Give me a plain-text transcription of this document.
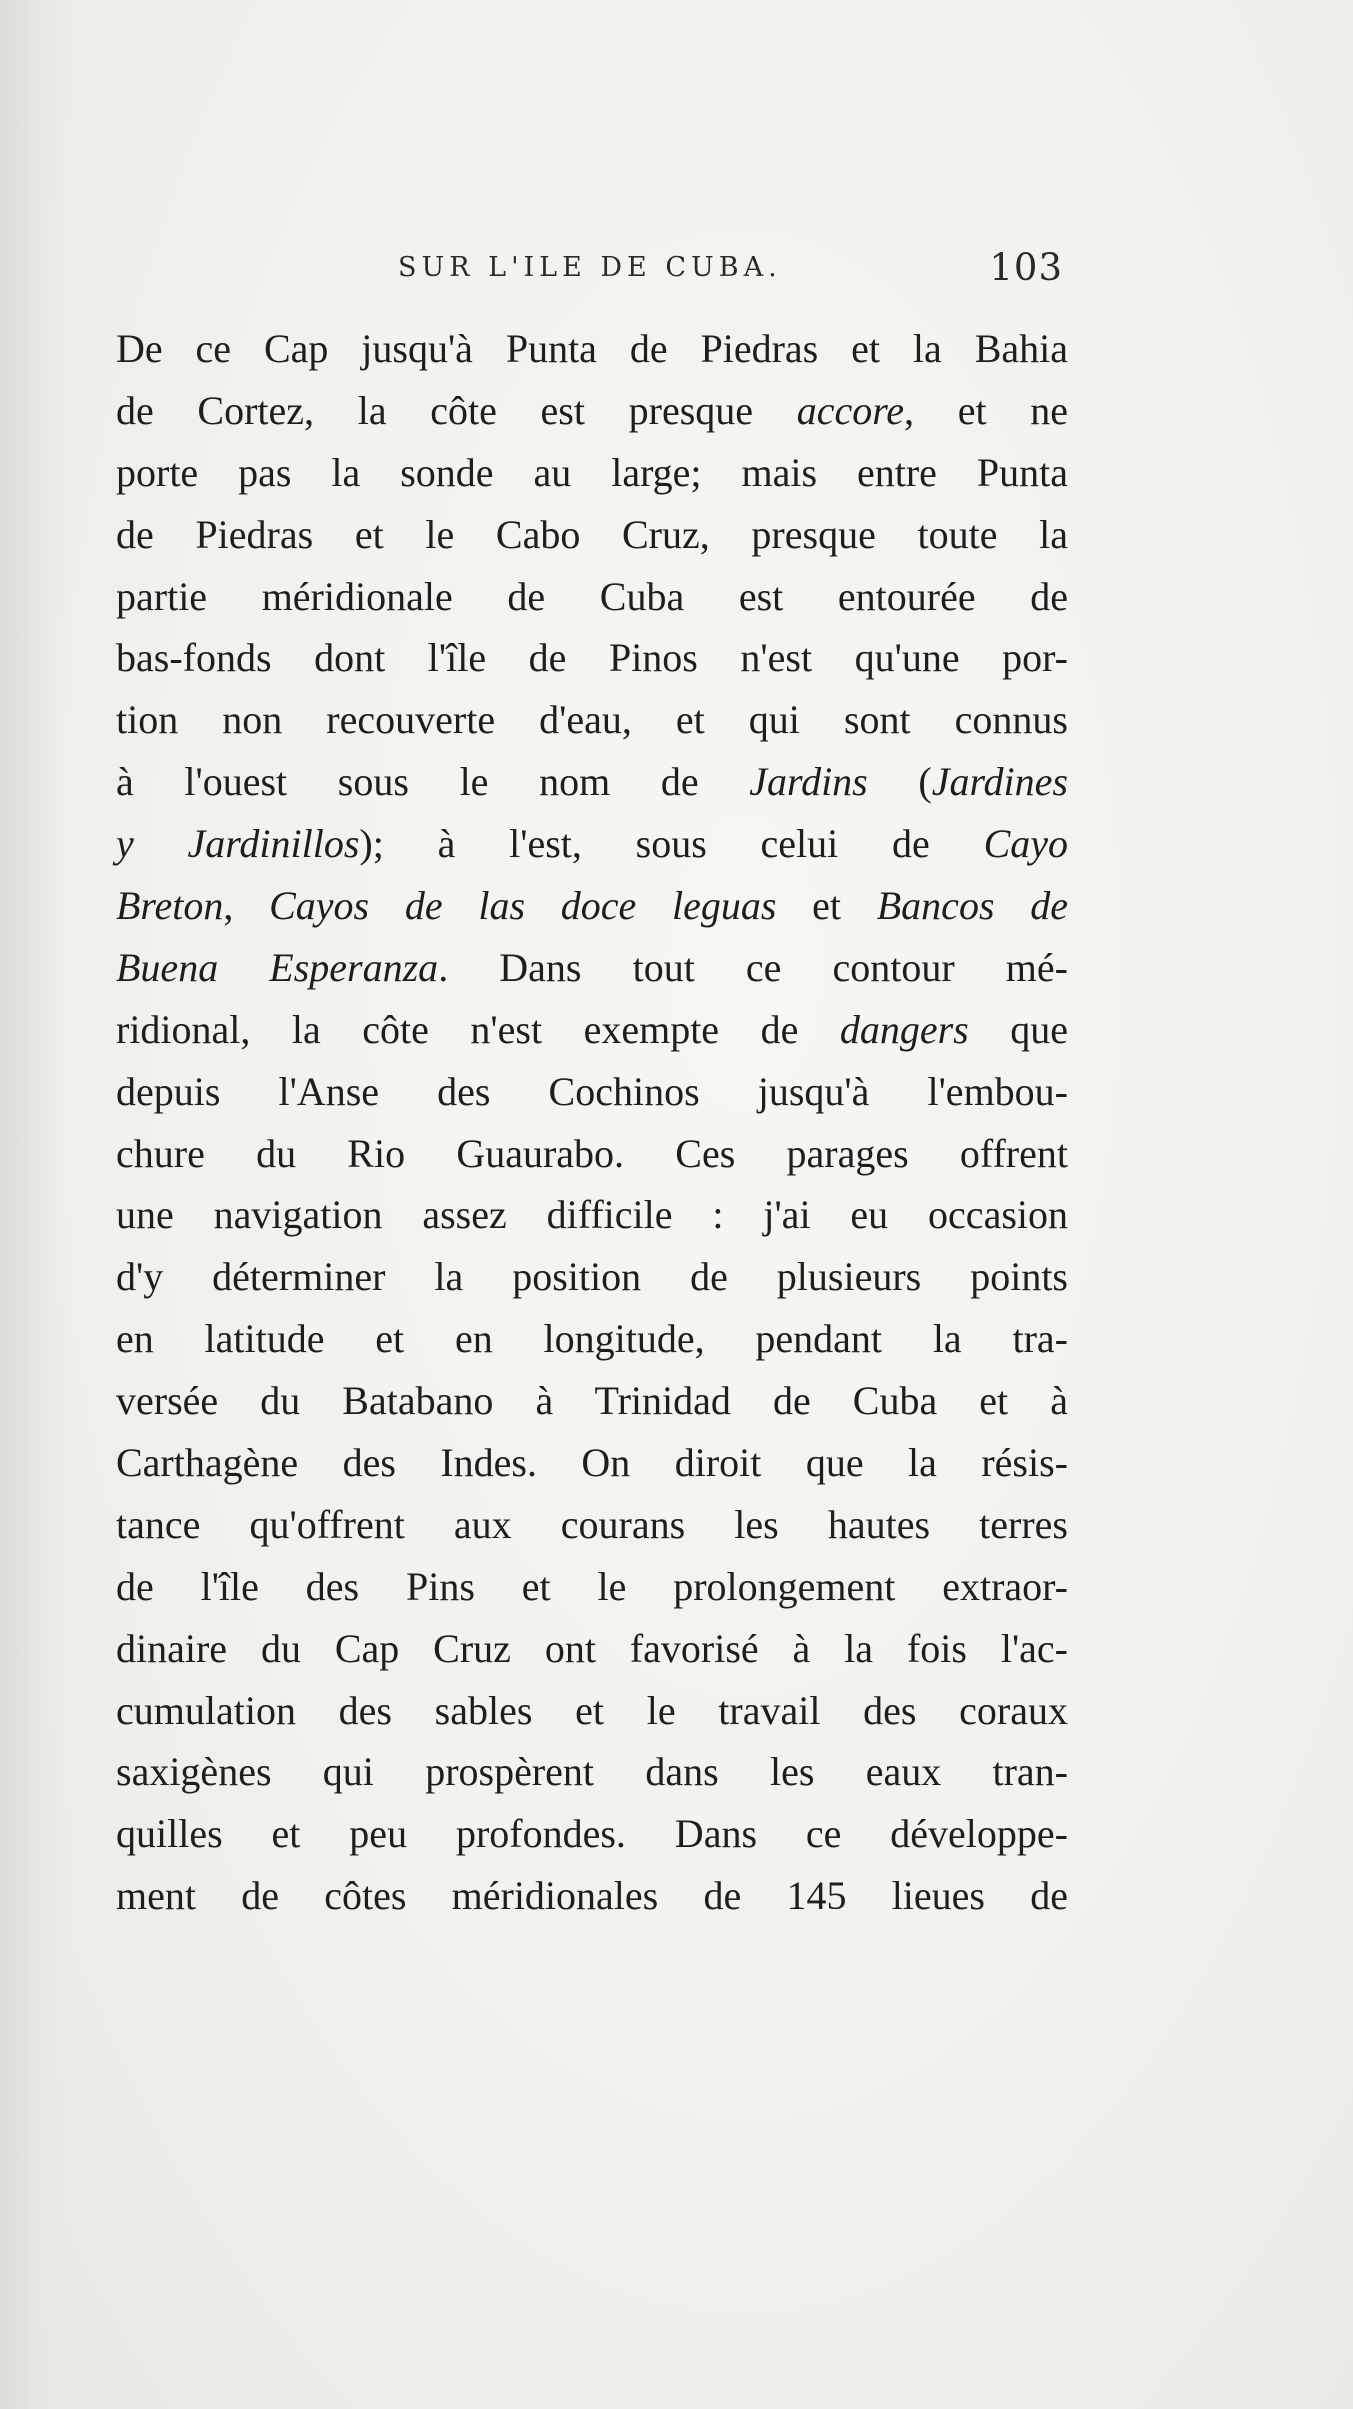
SUR L'ILE DE CUBA.	103
De ce Cap jusqu'à Punta de Piedras et la Bahia
de Cortez, la côte est presque accore, et ne
porte pas la sonde au large; mais entre Punta
de Piedras et le Cabo Cruz, presque toute la
partie méridionale de Cuba est entourée de
bas-fonds dont l'île de Pinos n'est qu'une por-
tion non recouverte d'eau, et qui sont connus
à l'ouest sous le nom de Jardins (Jardines
y Jardinillos); à l'est, sous celui de Cayo
Breton, Cayos de las doce leguas et Bancos de
Buena Esperanza. Dans tout ce contour mé-
ridional, la côte n'est exempte de dangers que
depuis l'Anse des Cochinos jusqu'à l'embou-
chure du Rio Guaurabo. Ces parages offrent
une navigation assez difficile : j'ai eu occasion
d'y déterminer la position de plusieurs points
en latitude et en longitude, pendant la tra-
versée du Batabano à Trinidad de Cuba et à
Carthagène des Indes. On diroit que la résis-
tance qu'offrent aux courans les hautes terres
de l'île des Pins et le prolongement extraor-
dinaire du Cap Cruz ont favorisé à la fois l'ac-
cumulation des sables et le travail des coraux
saxigènes qui prospèrent dans les eaux tran-
quilles et peu profondes. Dans ce développe-
ment de côtes méridionales de 145 lieues de
